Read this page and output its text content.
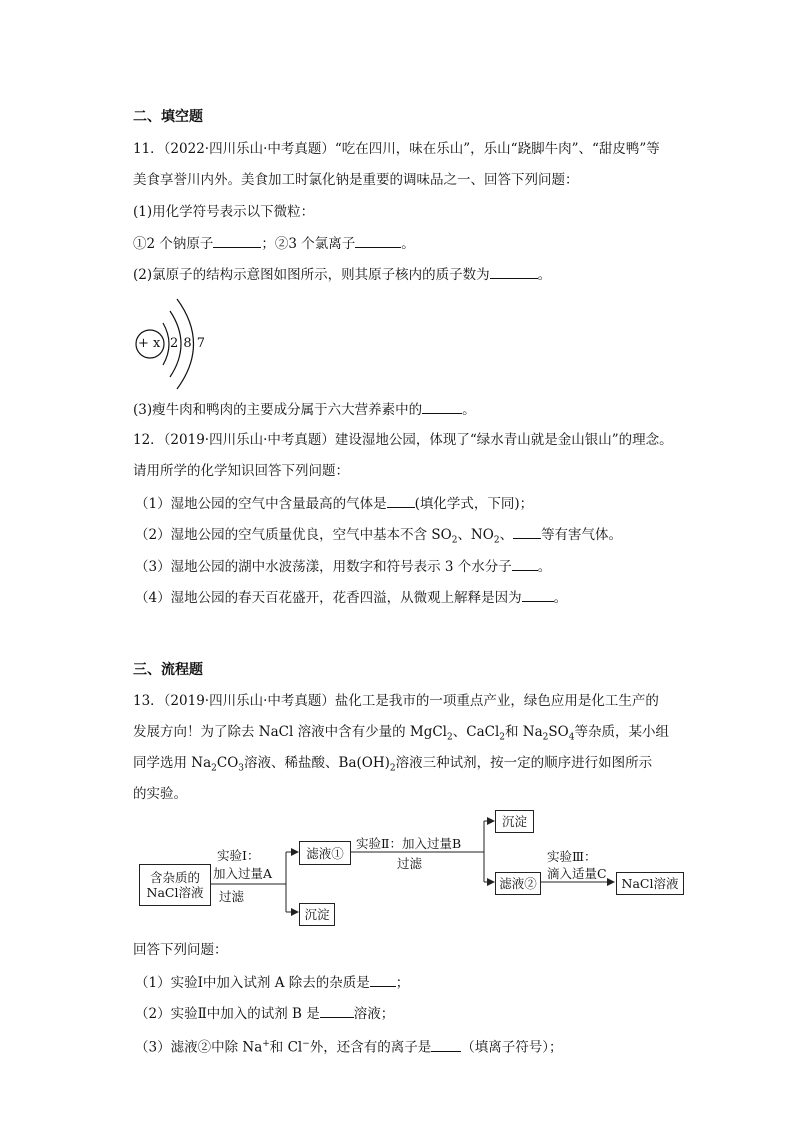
二、填空题
11．（2022·四川乐山·中考真题）“吃在四川，味在乐山”，乐山“跷脚牛肉”、“甜皮鸭”等
美食享誉川内外。美食加工时氯化钠是重要的调味品之一、回答下列问题：
(1)用化学符号表示以下微粒：
①2 个钠原子	；②3 个氯离子	。
(2)氯原子的结构示意图如图所示，则其原子核内的质子数为	。
+ x 2 8 7
(3)瘦牛肉和鸭肉的主要成分属于六大营养素中的	。
12．（2019·四川乐山·中考真题）建设湿地公园，体现了“绿水青山就是金山银山”的理念。
请用所学的化学知识回答下列问题：
（1）湿地公园的空气中含量最高的气体是 (填化学式，下同)；
（2）湿地公园的空气质量优良，空气中基本不含 $SO_2$、$NO_2$、 等有害气体。
（3）湿地公园的湖中水波荡漾，用数字和符号表示 3 个水分子 。
（4）湿地公园的春天百花盛开，花香四溢，从微观上解释是因为 。
三、流程题
13．（2019·四川乐山·中考真题）盐化工是我市的一项重点产业，绿色应用是化工生产的
发展方向！为了除去 NaCl 溶液中含有少量的 MgCl$_2$、CaCl$_2$和 $Na_2SO_4$等杂质，某小组
同学选用 $Na_2CO_3$溶液、稀盐酸、$Ba(OH)_2$溶液三种试剂，按一定的顺序进行如图所示
的实验。
含杂质的
NaCl溶液
实验Ⅰ：
加入过量A
过滤
滤液①
沉淀
实验Ⅱ：加入过量B
过滤
沉淀
滤液②
实验Ⅲ：
滴入适量C
NaCl溶液
回答下列问题：
（1）实验Ⅰ中加入试剂 A 除去的杂质是 ；
（2）实验Ⅱ中加入的试剂 B 是	溶液；
（3）滤液②中除 Na+和 Cl−外，还含有的离子是 （填离子符号）；
